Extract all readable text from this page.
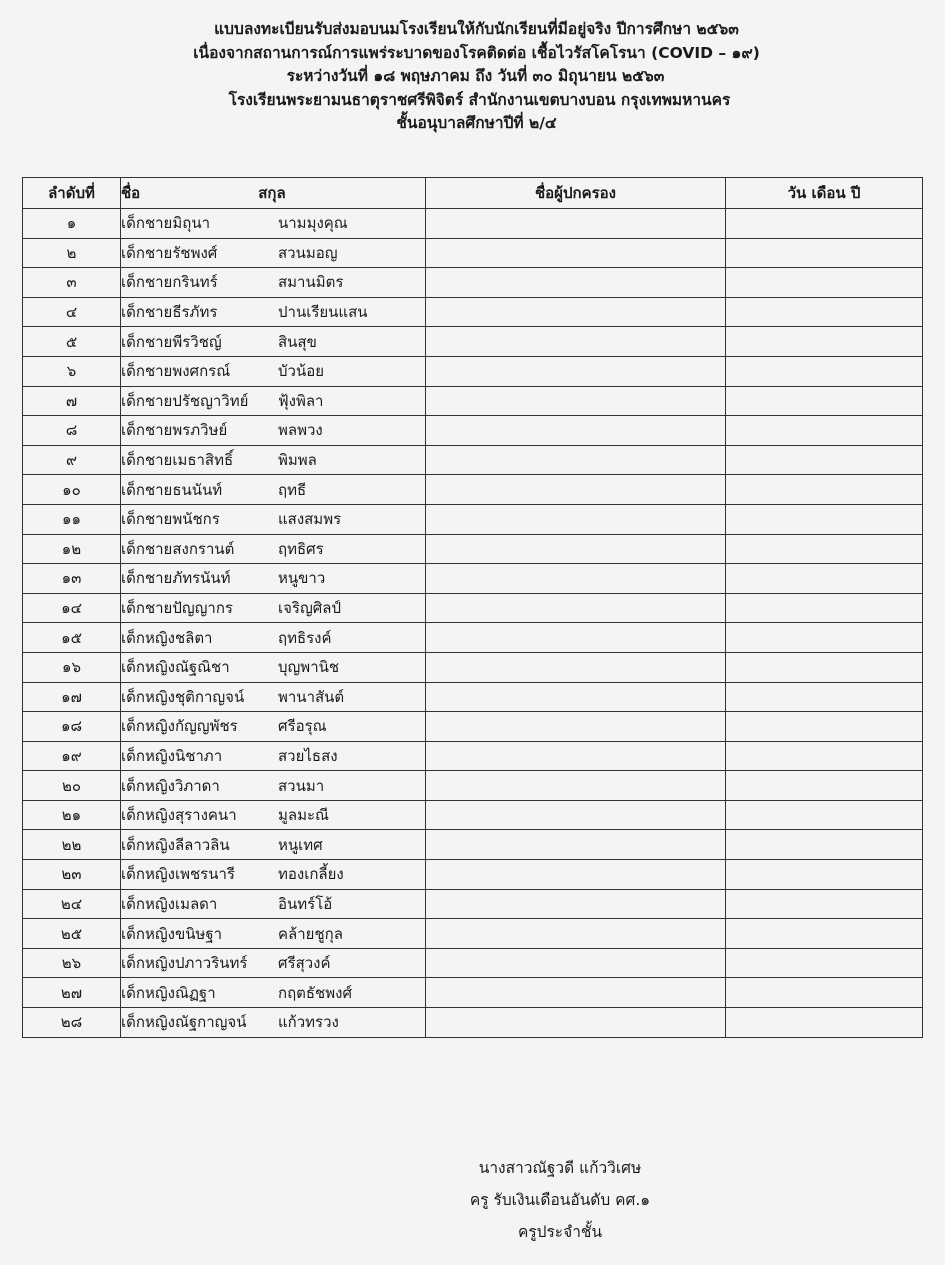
แบบลงทะเบียนรับส่งมอบนมโรงเรียนให้กับนักเรียนที่มีอยู่จริง ปีการศึกษา ๒๕๖๓
เนื่องจากสถานการณ์การแพร่ระบาดของโรคติดต่อ เชื้อไวรัสโคโรนา (COVID – ๑๙)
ระหว่างวันที่ ๑๘ พฤษภาคม ถึง วันที่ ๓๐ มิถุนายน ๒๕๖๓
โรงเรียนพระยามนธาตุราชศรีพิจิตร์ สำนักงานเขตบางบอน กรุงเทพมหานคร
ชั้นอนุบาลศึกษาปีที่ ๒/๔
ลำดับที่	ชื่อ สกุล	ชื่อผู้ปกครอง	วัน เดือน ปี
๑	เด็กชายมิถุนา นามมุงคุณ		
๒	เด็กชายรัชพงศ์ สวนมอญ		
๓	เด็กชายกรินทร์ สมานมิตร		
๔	เด็กชายธีรภัทร ปานเรียนแสน		
๕	เด็กชายพีรวิชญ์ สินสุข		
๖	เด็กชายพงศกรณ์ บัวน้อย		
๗	เด็กชายปรัชญาวิทย์ ฟุ้งพิลา		
๘	เด็กชายพรภวิษย์ พลพวง		
๙	เด็กชายเมธาสิทธิ์ พิมพล		
๑๐	เด็กชายธนนันท์ ฤทธี		
๑๑	เด็กชายพนัชกร แสงสมพร		
๑๒	เด็กชายสงกรานต์ ฤทธิศร		
๑๓	เด็กชายภัทรนันท์ หนูขาว		
๑๔	เด็กชายปัญญากร เจริญศิลป์		
๑๕	เด็กหญิงชลิตา ฤทธิรงค์		
๑๖	เด็กหญิงณัฐณิชา บุญพานิช		
๑๗	เด็กหญิงชุติกาญจน์ พานาสันต์		
๑๘	เด็กหญิงกัญญพัชร ศรีอรุณ		
๑๙	เด็กหญิงนิชาภา สวยไธสง		
๒๐	เด็กหญิงวิภาดา สวนมา		
๒๑	เด็กหญิงสุรางคนา มูลมะณี		
๒๒	เด็กหญิงลีลาวลิน หนูเทศ		
๒๓	เด็กหญิงเพชรนารี ทองเกลี้ยง		
๒๔	เด็กหญิงเมลดา อินทร์โอ้		
๒๕	เด็กหญิงขนิษฐา คล้ายชูกุล		
๒๖	เด็กหญิงปภาวรินทร์ ศรีสุวงค์		
๒๗	เด็กหญิงณิฏฐา กฤตธัชพงศ์		
๒๘	เด็กหญิงณัฐกาญจน์ แก้วทรวง		
นางสาวณัฐวดี แก้ววิเศษ
ครู รับเงินเดือนอันดับ คศ.๑
ครูประจำชั้น
